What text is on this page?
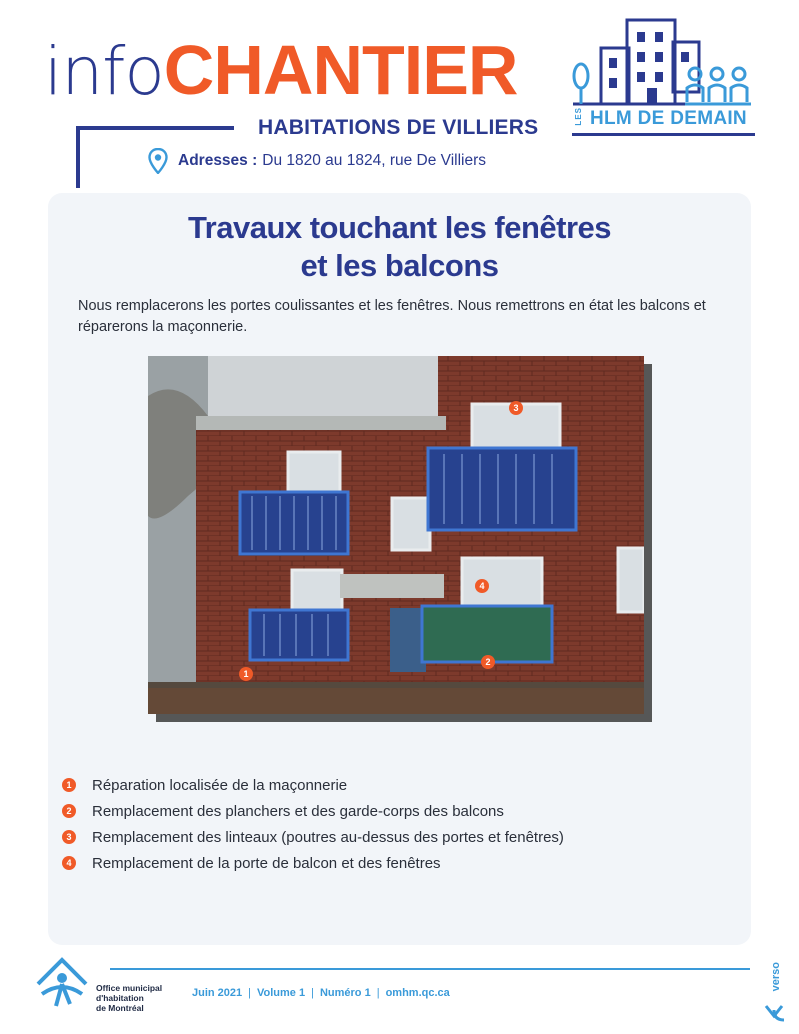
infoCHANTIER
HABITATIONS DE VILLIERS
Adresses : Du 1820 au 1824, rue De Villiers
LES HLM DE DEMAIN
Travaux touchant les fenêtres
et les balcons

Nous remplacerons les portes coulissantes et les fenêtres. Nous remettrons en état les balcons et réparerons la maçonnerie.

1
2
3
4
1	Réparation localisée de la maçonnerie
2	Remplacement des planchers et des garde-corps des balcons
3	Remplacement des linteaux (poutres au-dessus des portes et fenêtres)
4	Remplacement de la porte de balcon et des fenêtres
Office municipal
d'habitation
de Montréal
Juin 2021 | Volume 1 | Numéro 1 | omhm.qc.ca
verso
